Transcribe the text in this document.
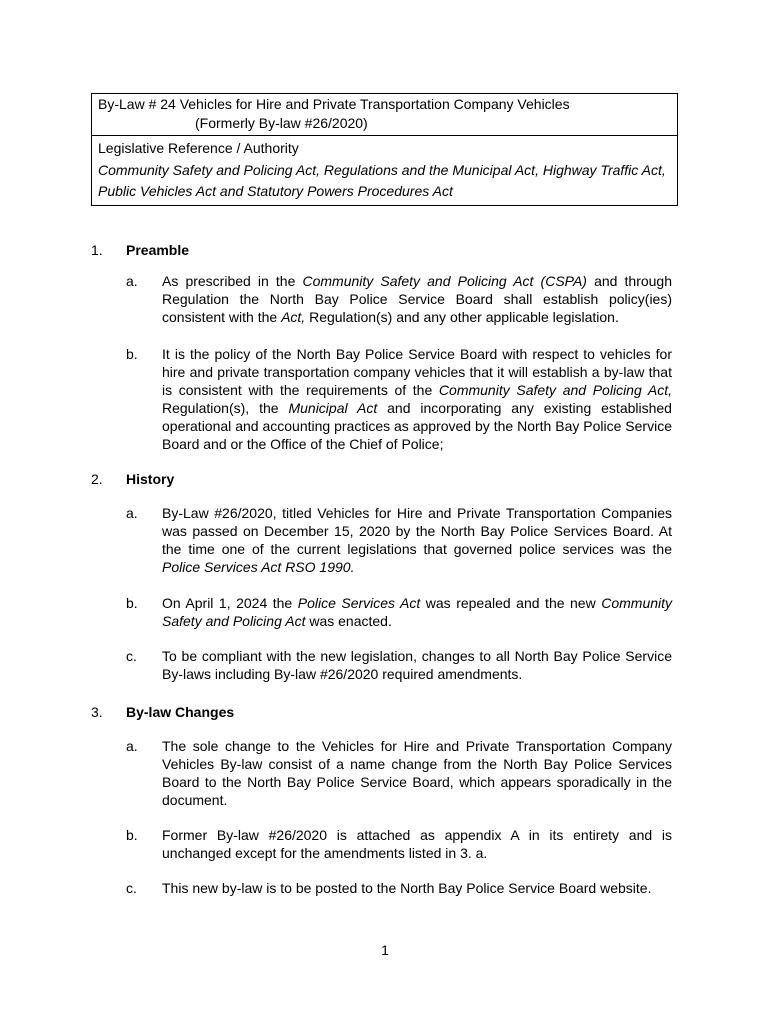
By-Law # 24 Vehicles for Hire and Private Transportation Company Vehicles
(Formerly By-law #26/2020)
Legislative Reference / Authority
Community Safety and Policing Act, Regulations and the Municipal Act, Highway Traffic Act, Public Vehicles Act and Statutory Powers Procedures Act
1. Preamble
a. As prescribed in the Community Safety and Policing Act (CSPA) and through Regulation the North Bay Police Service Board shall establish policy(ies) consistent with the Act, Regulation(s) and any other applicable legislation.
b. It is the policy of the North Bay Police Service Board with respect to vehicles for hire and private transportation company vehicles that it will establish a by-law that is consistent with the requirements of the Community Safety and Policing Act, Regulation(s), the Municipal Act and incorporating any existing established operational and accounting practices as approved by the North Bay Police Service Board and or the Office of the Chief of Police;
2. History
a. By-Law #26/2020, titled Vehicles for Hire and Private Transportation Companies was passed on December 15, 2020 by the North Bay Police Services Board. At the time one of the current legislations that governed police services was the Police Services Act RSO 1990.
b. On April 1, 2024 the Police Services Act was repealed and the new Community Safety and Policing Act was enacted.
c. To be compliant with the new legislation, changes to all North Bay Police Service By-laws including By-law #26/2020 required amendments.
3. By-law Changes
a. The sole change to the Vehicles for Hire and Private Transportation Company Vehicles By-law consist of a name change from the North Bay Police Services Board to the North Bay Police Service Board, which appears sporadically in the document.
b. Former By-law #26/2020 is attached as appendix A in its entirety and is unchanged except for the amendments listed in 3. a.
c. This new by-law is to be posted to the North Bay Police Service Board website.
1
